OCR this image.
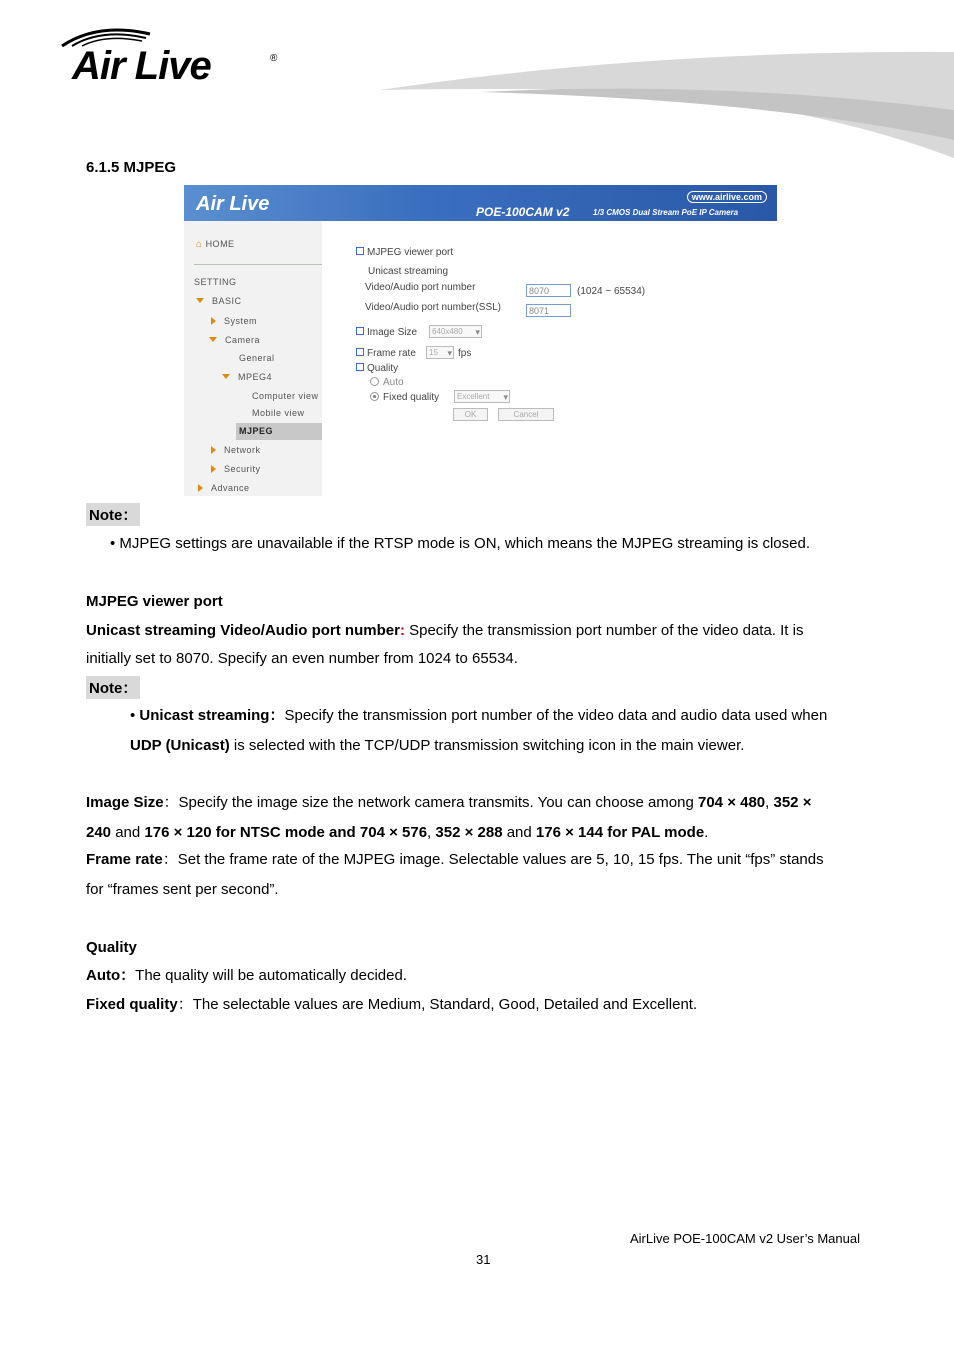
Air Live	®
6.1.5 MJPEG
Air Live	www.airlive.com
POE-100CAM v2	1/3 CMOS Dual Stream PoE IP Camera
⌂ HOME
SETTING
BASIC
System
Camera
General
MPEG4
Computer view
Mobile view
MJPEG
Network
Security
Advance
MJPEG viewer port
Unicast streaming
Video/Audio port number	8070	(1024 ~ 65534)
Video/Audio port number(SSL)	8071
Image Size	640x480 ▾
Frame rate	15 ▾	fps
Quality
Auto
Fixed quality	Excellent ▾
OK	Cancel
Note：
• MJPEG settings are unavailable if the RTSP mode is ON, which means the MJPEG streaming is closed.
MJPEG viewer port
Unicast streaming Video/Audio port number: Specify the transmission port number of the video data. It is
initially set to 8070. Specify an even number from 1024 to 65534.
Note：
• Unicast streaming：Specify the transmission port number of the video data and audio data used when
UDP (Unicast) is selected with the TCP/UDP transmission switching icon in the main viewer.
Image Size：Specify the image size the network camera transmits. You can choose among 704 × 480, 352 ×
240 and 176 × 120 for NTSC mode and 704 × 576, 352 × 288 and 176 × 144 for PAL mode.
Frame rate：Set the frame rate of the MJPEG image. Selectable values are 5, 10, 15 fps. The unit “fps” stands
for “frames sent per second”.
Quality
Auto：The quality will be automatically decided.
Fixed quality：The selectable values are Medium, Standard, Good, Detailed and Excellent.
AirLive POE-100CAM v2 User’s Manual
31
